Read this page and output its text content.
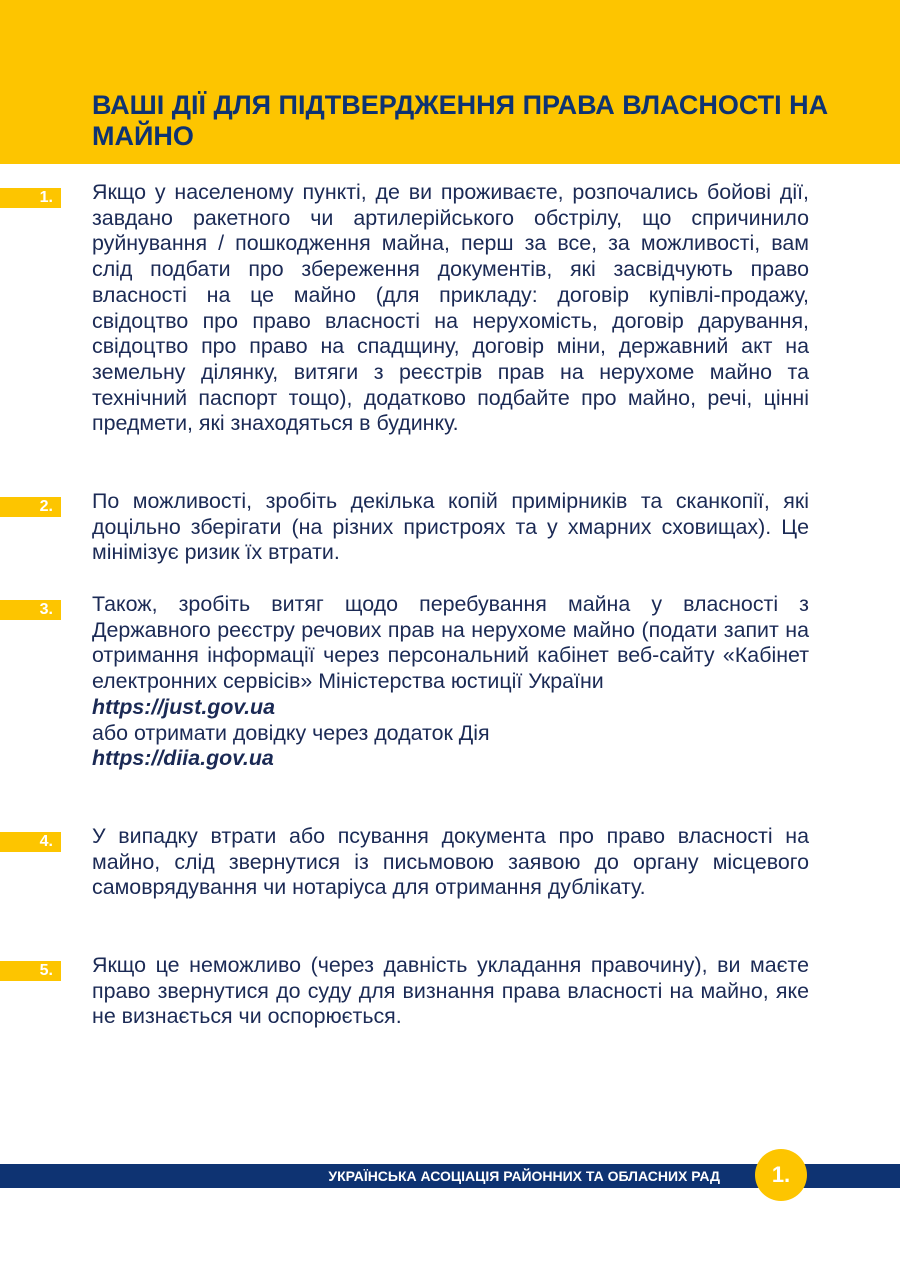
ВАШІ ДІЇ ДЛЯ ПІДТВЕРДЖЕННЯ ПРАВА ВЛАСНОСТІ НА МАЙНО
1.	Якщо у населеному пункті, де ви проживаєте, розпочались бойові дії, завдано ракетного чи артилерійського обстрілу, що спричинило руйнування / пошкодження майна, перш за все, за можливості, вам слід подбати про збереження документів, які засвідчують право власності на це майно (для прикладу: договір купівлі-продажу, свідоцтво про право власності на нерухомість, договір дарування, свідоцтво про право на спадщину, договір міни, державний акт на земельну ділянку, витяги з реєстрів прав на нерухоме майно та технічний паспорт тощо), додатково подбайте про майно, речі, цінні предмети, які знаходяться в будинку.

2.	По можливості, зробіть декілька копій примірників та сканкопії, які доцільно зберігати (на різних пристроях та у хмарних сховищах). Це мінімізує ризик їх втрати.

3.	Також, зробіть витяг щодо перебування майна у власності з Державного реєстру речових прав на нерухоме майно (подати запит на отримання інформації через персональний кабінет веб-сайту «Кабінет електронних сервісів» Міністерства юстиції України
https://just.gov.ua
або отримати довідку через додаток Дія
https://diia.gov.ua
4.	У випадку втрати або псування документа про право власності на майно, слід звернутися із письмовою заявою до органу місцевого самоврядування чи нотаріуса для отримання дублікату.

5.	Якщо це неможливо (через давність укладання правочину), ви маєте право звернутися до суду для визнання права власності на майно, яке не визнається чи оспорюється.

УКРАЇНСЬКА АСОЦІАЦІЯ РАЙОННИХ ТА ОБЛАСНИХ РАД	1.
